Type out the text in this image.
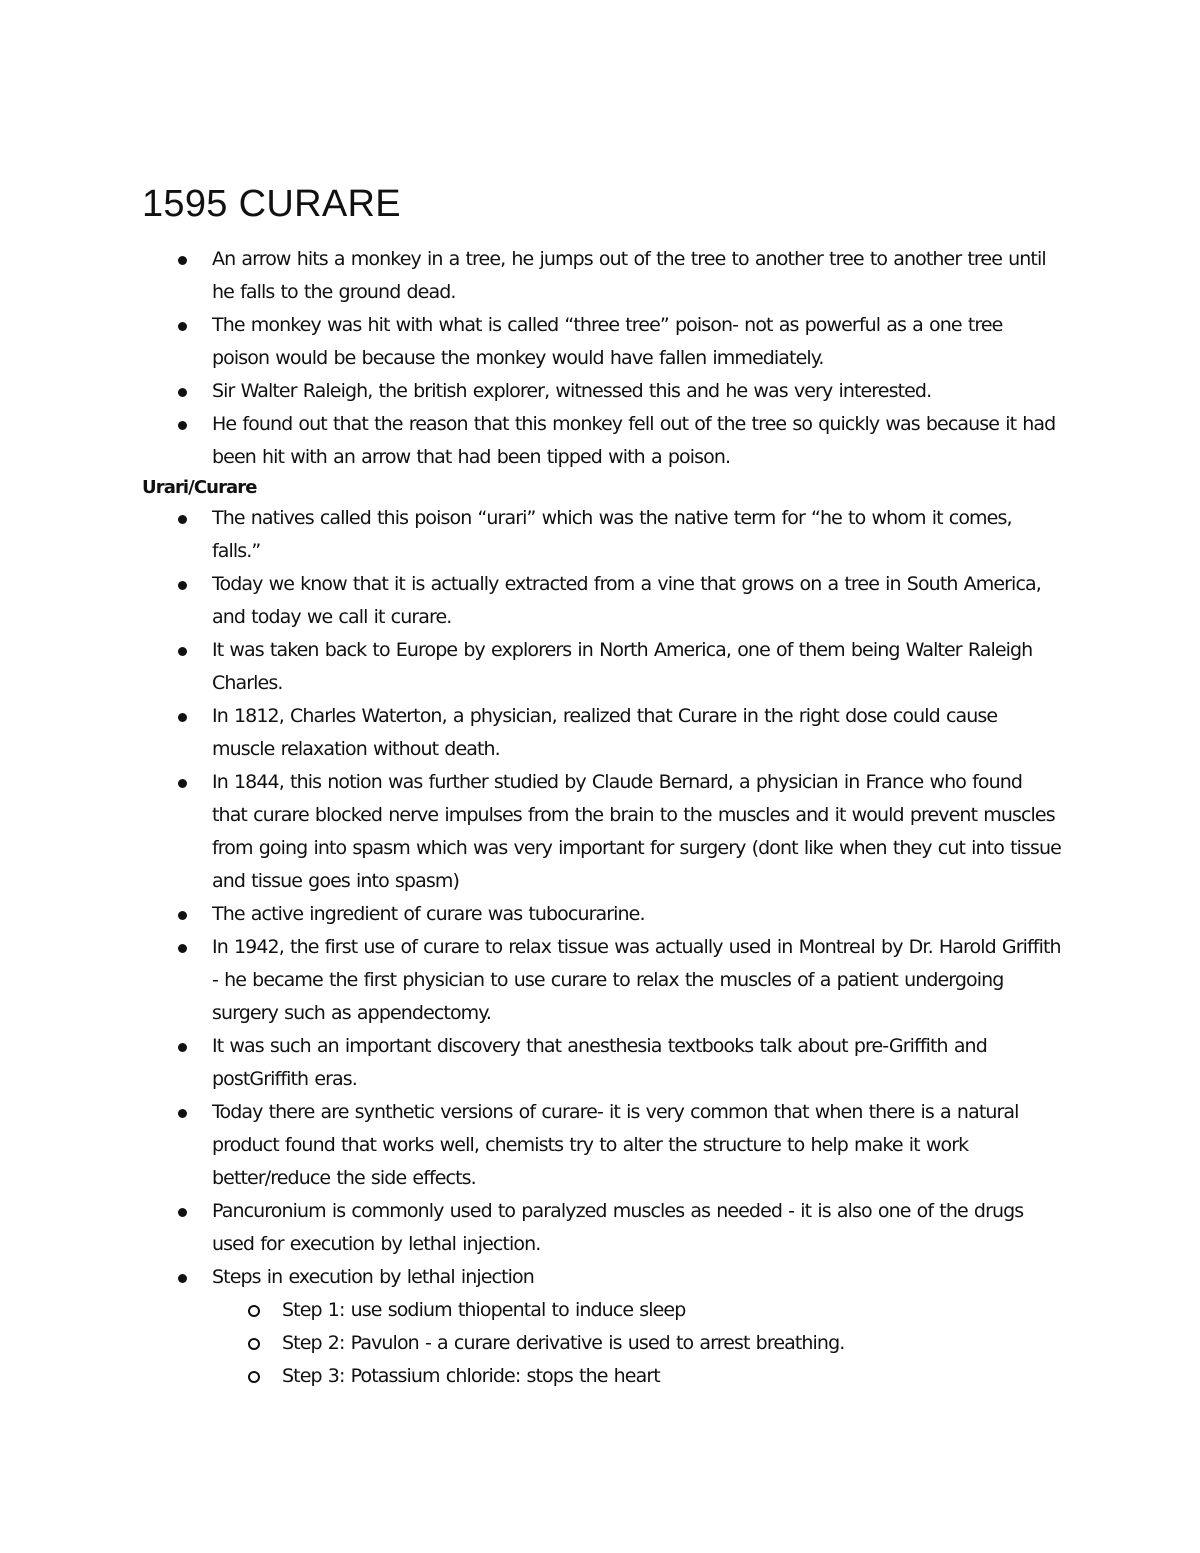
1595 CURARE
An arrow hits a monkey in a tree, he jumps out of the tree to another tree to another tree until he falls to the ground dead.
The monkey was hit with what is called “three tree” poison- not as powerful as a one tree poison would be because the monkey would have fallen immediately.
Sir Walter Raleigh, the british explorer, witnessed this and he was very interested.
He found out that the reason that this monkey fell out of the tree so quickly was because it had been hit with an arrow that had been tipped with a poison.
Urari/Curare
The natives called this poison “urari” which was the native term for “he to whom it comes, falls.”
Today we know that it is actually extracted from a vine that grows on a tree in South America, and today we call it curare.
It was taken back to Europe by explorers in North America, one of them being Walter Raleigh Charles.
In 1812, Charles Waterton, a physician, realized that Curare in the right dose could cause muscle relaxation without death.
In 1844, this notion was further studied by Claude Bernard, a physician in France who found that curare blocked nerve impulses from the brain to the muscles and it would prevent muscles from going into spasm which was very important for surgery (dont like when they cut into tissue and tissue goes into spasm)
The active ingredient of curare was tubocurarine.
In 1942, the first use of curare to relax tissue was actually used in Montreal by Dr. Harold Griffith - he became the first physician to use curare to relax the muscles of a patient undergoing surgery such as appendectomy.
It was such an important discovery that anesthesia textbooks talk about pre-Griffith and postGriffith eras.
Today there are synthetic versions of curare- it is very common that when there is a natural product found that works well, chemists try to alter the structure to help make it work better/reduce the side effects.
Pancuronium is commonly used to paralyzed muscles as needed - it is also one of the drugs used for execution by lethal injection.
Steps in execution by lethal injection
Step 1: use sodium thiopental to induce sleep
Step 2: Pavulon - a curare derivative is used to arrest breathing.
Step 3: Potassium chloride: stops the heart
